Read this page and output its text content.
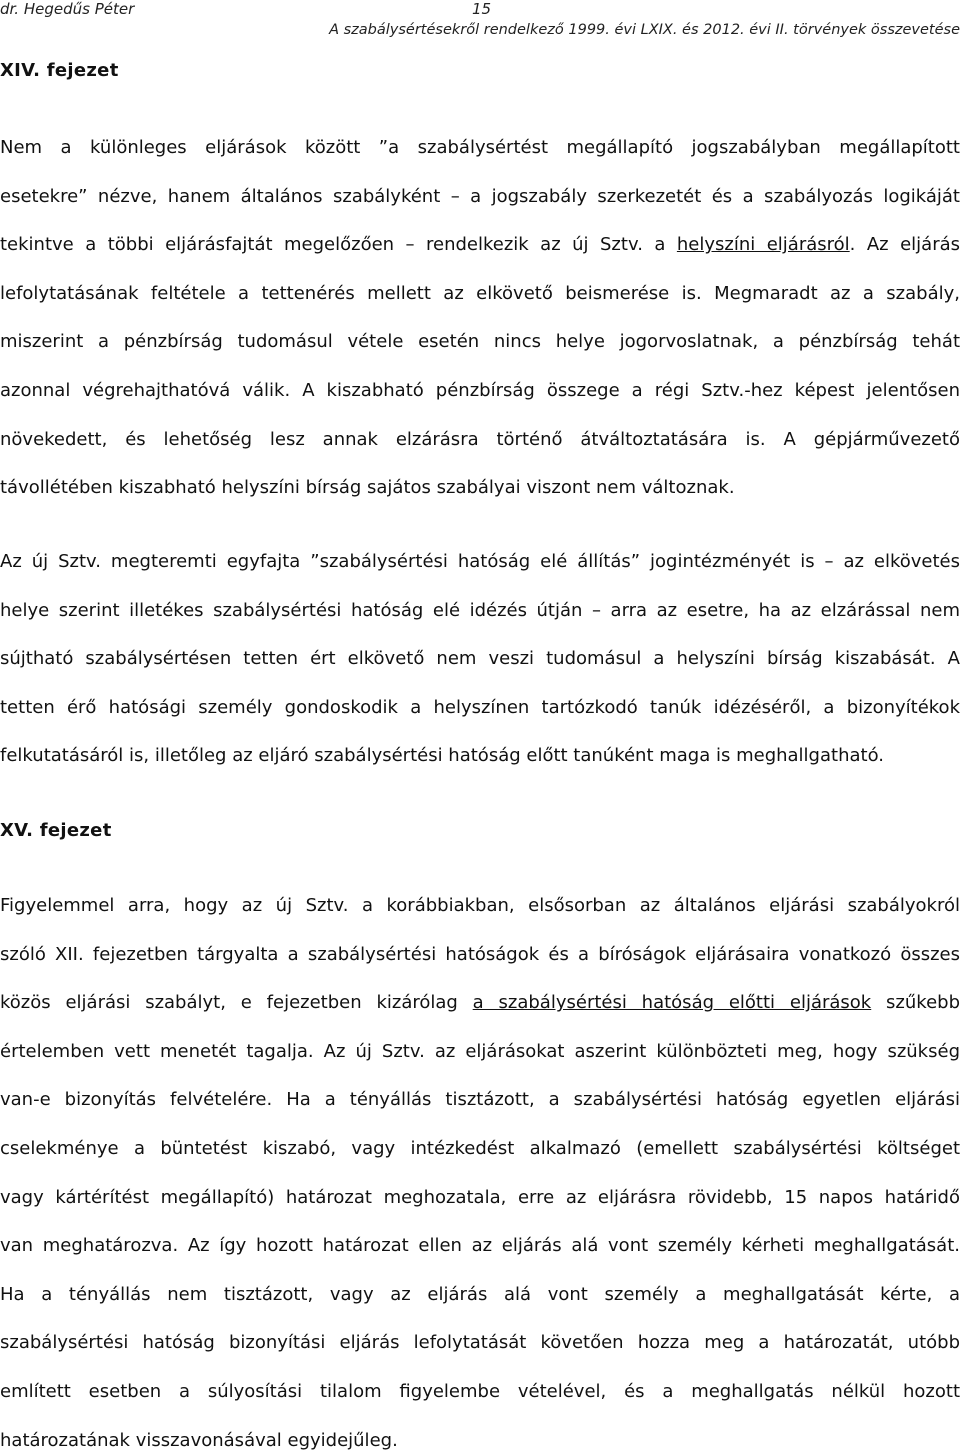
dr. Hegedűs Péter	15
A szabálysértésekről rendelkező 1999. évi LXIX. és 2012. évi II. törvények összevetése
XIV. fejezet
Nem a különleges eljárások között ”a szabálysértést megállapító jogszabályban megállapított
esetekre” nézve, hanem általános szabályként – a jogszabály szerkezetét és a szabályozás logikáját
tekintve a többi eljárásfajtát megelőzően – rendelkezik az új Sztv. a helyszíni eljárásról. Az eljárás
lefolytatásának feltétele a tettenérés mellett az elkövető beismerése is. Megmaradt az a szabály,
miszerint a pénzbírság tudomásul vétele esetén nincs helye jogorvoslatnak, a pénzbírság tehát
azonnal végrehajthatóvá válik. A kiszabható pénzbírság összege a régi Sztv.-hez képest jelentősen
növekedett, és lehetőség lesz annak elzárásra történő átváltoztatására is. A gépjárművezető
távollétében kiszabható helyszíni bírság sajátos szabályai viszont nem változnak.
Az új Sztv. megteremti egyfajta ”szabálysértési hatóság elé állítás” jogintézményét is – az elkövetés
helye szerint illetékes szabálysértési hatóság elé idézés útján – arra az esetre, ha az elzárással nem
sújtható szabálysértésen tetten ért elkövető nem veszi tudomásul a helyszíni bírság kiszabását. A
tetten érő hatósági személy gondoskodik a helyszínen tartózkodó tanúk idézéséről, a bizonyítékok
felkutatásáról is, illetőleg az eljáró szabálysértési hatóság előtt tanúként maga is meghallgatható.
XV. fejezet
Figyelemmel arra, hogy az új Sztv. a korábbiakban, elsősorban az általános eljárási szabályokról
szóló XII. fejezetben tárgyalta a szabálysértési hatóságok és a bíróságok eljárásaira vonatkozó összes
közös eljárási szabályt, e fejezetben kizárólag a szabálysértési hatóság előtti eljárások szűkebb
értelemben vett menetét tagalja. Az új Sztv. az eljárásokat aszerint különbözteti meg, hogy szükség
van-e bizonyítás felvételére. Ha a tényállás tisztázott, a szabálysértési hatóság egyetlen eljárási
cselekménye a büntetést kiszabó, vagy intézkedést alkalmazó (emellett szabálysértési költséget
vagy kártérítést megállapító) határozat meghozatala, erre az eljárásra rövidebb, 15 napos határidő
van meghatározva. Az így hozott határozat ellen az eljárás alá vont személy kérheti meghallgatását.
Ha a tényállás nem tisztázott, vagy az eljárás alá vont személy a meghallgatását kérte, a
szabálysértési hatóság bizonyítási eljárás lefolytatását követően hozza meg a határozatát, utóbb
említett esetben a súlyosítási tilalom figyelembe vételével, és a meghallgatás nélkül hozott
határozatának visszavonásával egyidejűleg.
